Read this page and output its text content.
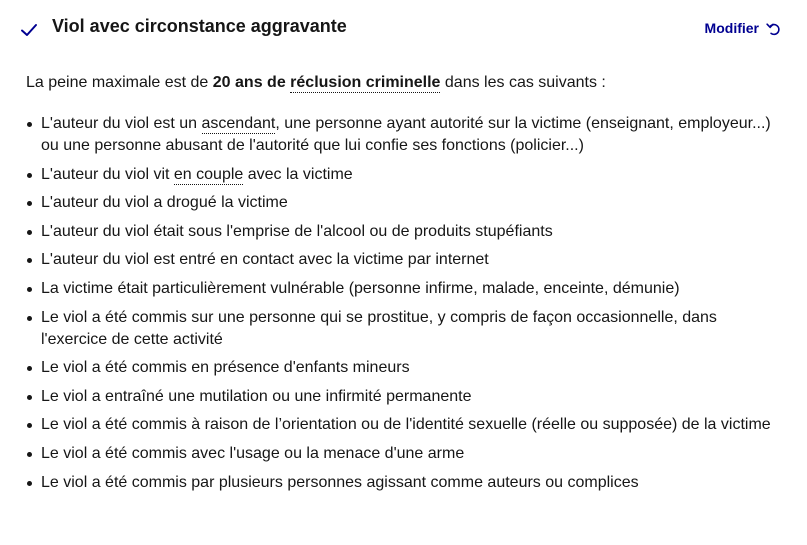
Viol avec circonstance aggravante	Modifier

La peine maximale est de 20 ans de réclusion criminelle dans les cas suivants :

L'auteur du viol est un ascendant, une personne ayant autorité sur la victime (enseignant, employeur...) ou une personne abusant de l'autorité que lui confie ses fonctions (policier...)
L'auteur du viol vit en couple avec la victime
L'auteur du viol a drogué la victime
L'auteur du viol était sous l'emprise de l'alcool ou de produits stupéfiants
L'auteur du viol est entré en contact avec la victime par internet
La victime était particulièrement vulnérable (personne infirme, malade, enceinte, démunie)
Le viol a été commis sur une personne qui se prostitue, y compris de façon occasionnelle, dans l'exercice de cette activité
Le viol a été commis en présence d'enfants mineurs
Le viol a entraîné une mutilation ou une infirmité permanente
Le viol a été commis à raison de l’orientation ou de l'identité sexuelle (réelle ou supposée) de la victime
Le viol a été commis avec l'usage ou la menace d'une arme
Le viol a été commis par plusieurs personnes agissant comme auteurs ou complices
